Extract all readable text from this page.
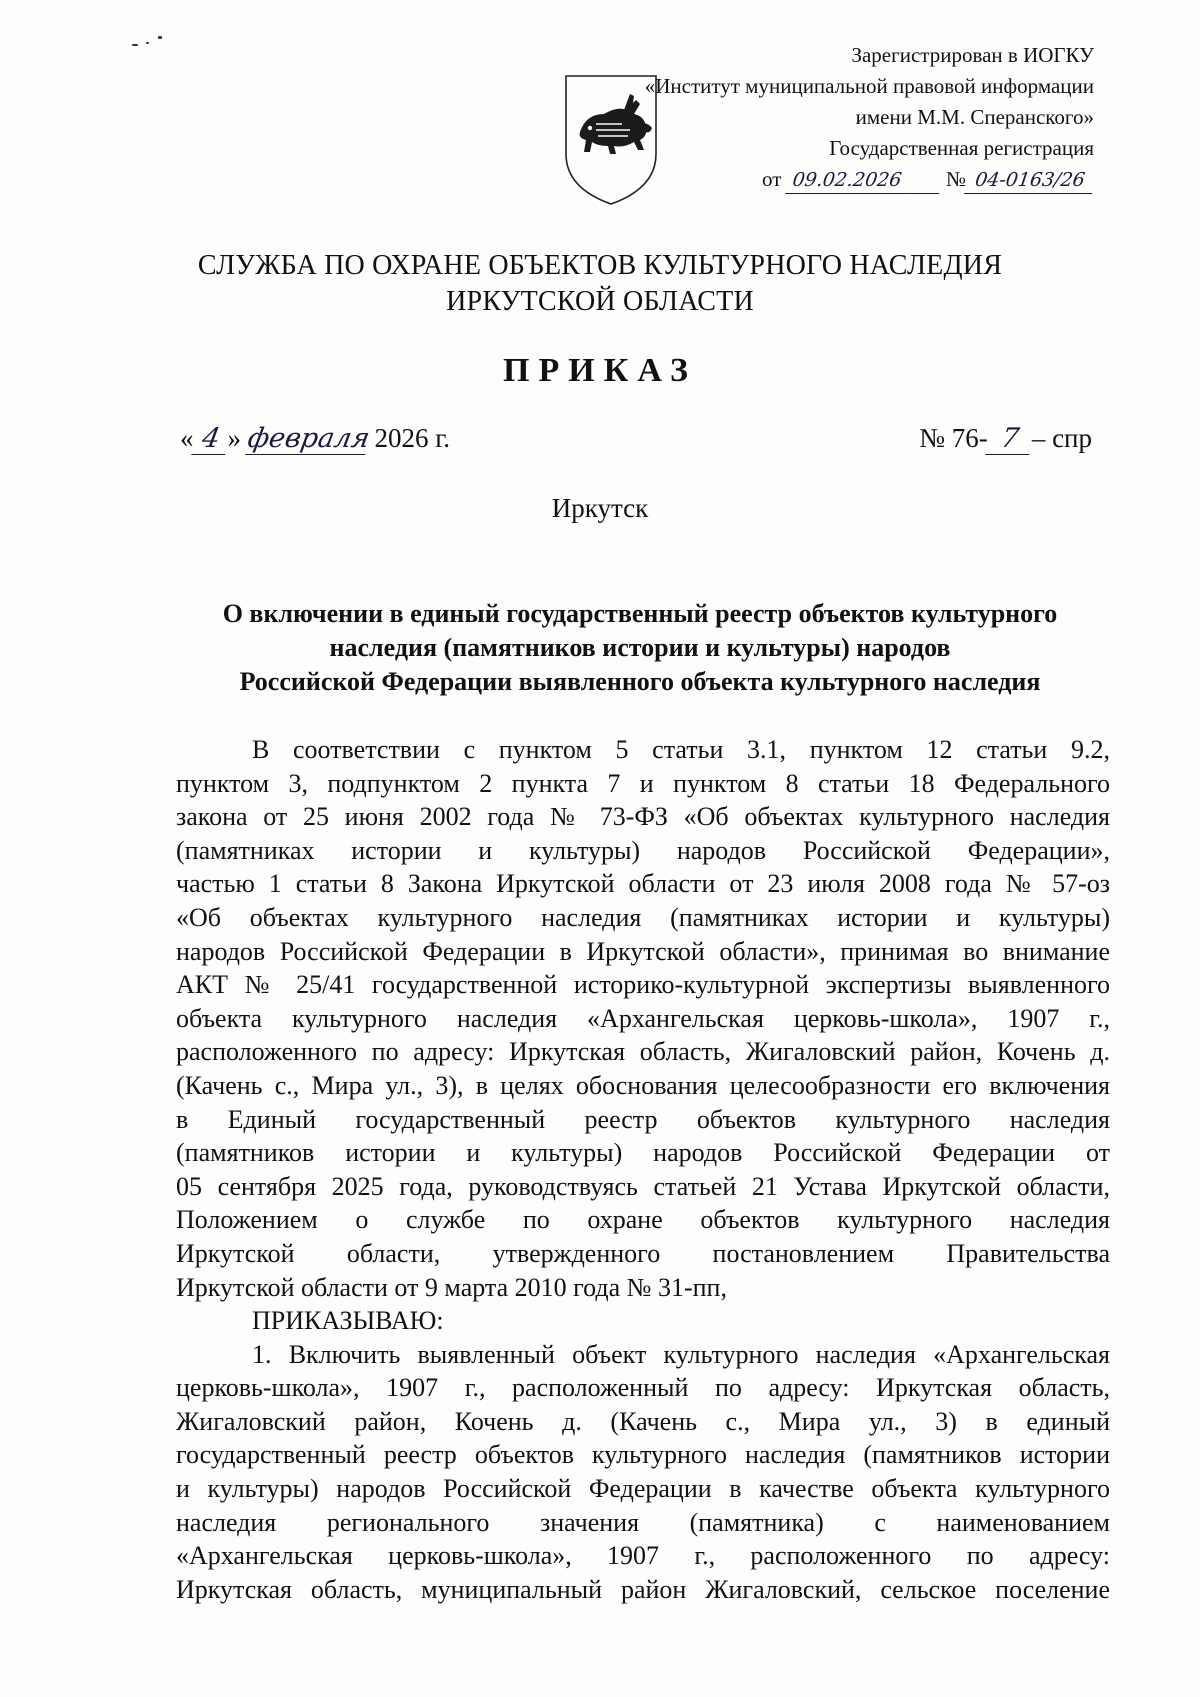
Зарегистрирован в ИОГКУ
«Институт муниципальной правовой информации
имени М.М. Сперанского»
Государственная регистрация
от 09.02.2026 № 04-0163/26
СЛУЖБА ПО ОХРАНЕ ОБЪЕКТОВ КУЛЬТУРНОГО НАСЛЕДИЯ
ИРКУТСКОЙ ОБЛАСТИ
ПРИКАЗ
« 4 » февраля 2026 г.	№ 76- 7 – спр
Иркутск
О включении в единый государственный реестр объектов культурного
наследия (памятников истории и культуры) народов
Российской Федерации выявленного объекта культурного наследия
В соответствии с пунктом 5 статьи 3.1, пунктом 12 статьи 9.2,
пунктом 3, подпунктом 2 пункта 7 и пунктом 8 статьи 18 Федерального
закона от 25 июня 2002 года № 73-ФЗ «Об объектах культурного наследия
(памятниках истории и культуры) народов Российской Федерации»,
частью 1 статьи 8 Закона Иркутской области от 23 июля 2008 года № 57-оз
«Об объектах культурного наследия (памятниках истории и культуры)
народов Российской Федерации в Иркутской области», принимая во внимание
АКТ № 25/41 государственной историко-культурной экспертизы выявленного
объекта культурного наследия «Архангельская церковь-школа», 1907 г.,
расположенного по адресу: Иркутская область, Жигаловский район, Кочень д.
(Качень с., Мира ул., 3), в целях обоснования целесообразности его включения
в Единый государственный реестр объектов культурного наследия
(памятников истории и культуры) народов Российской Федерации от
05 сентября 2025 года, руководствуясь статьей 21 Устава Иркутской области,
Положением о службе по охране объектов культурного наследия
Иркутской области, утвержденного постановлением Правительства
Иркутской области от 9 марта 2010 года № 31-пп,
ПРИКАЗЫВАЮ:
1. Включить выявленный объект культурного наследия «Архангельская
церковь-школа», 1907 г., расположенный по адресу: Иркутская область,
Жигаловский район, Кочень д. (Качень с., Мира ул., 3) в единый
государственный реестр объектов культурного наследия (памятников истории
и культуры) народов Российской Федерации в качестве объекта культурного
наследия регионального значения (памятника) с наименованием
«Архангельская церковь-школа», 1907 г., расположенного по адресу:
Иркутская область, муниципальный район Жигаловский, сельское поселение
